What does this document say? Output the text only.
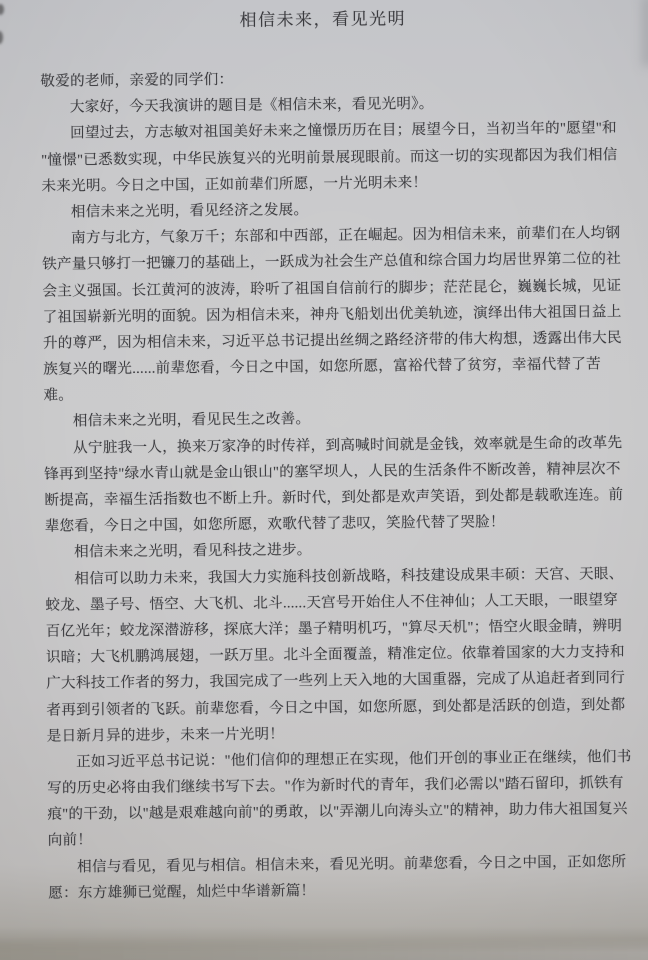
相信未来，看见光明
敬爱的老师，亲爱的同学们：
大家好，今天我演讲的题目是《相信未来，看见光明》。
回望过去，方志敏对祖国美好未来之憧憬历历在目；展望今日，当初当年的"愿望"和
"憧憬"已悉数实现，中华民族复兴的光明前景展现眼前。而这一切的实现都因为我们相信
未来光明。今日之中国，正如前辈们所愿，一片光明未来！
相信未来之光明，看见经济之发展。
南方与北方，气象万千；东部和中西部，正在崛起。因为相信未来，前辈们在人均钢
铁产量只够打一把镰刀的基础上，一跃成为社会生产总值和综合国力均居世界第二位的社
会主义强国。长江黄河的波涛，聆听了祖国自信前行的脚步；茫茫昆仑，巍巍长城，见证
了祖国崭新光明的面貌。因为相信未来，神舟飞船划出优美轨迹，演绎出伟大祖国日益上
升的尊严，因为相信未来，习近平总书记提出丝绸之路经济带的伟大构想，透露出伟大民
族复兴的曙光......前辈您看，今日之中国，如您所愿，富裕代替了贫穷，幸福代替了苦
难。
相信未来之光明，看见民生之改善。
从宁脏我一人，换来万家净的时传祥，到高喊时间就是金钱，效率就是生命的改革先
锋再到坚持"绿水青山就是金山银山"的塞罕坝人，人民的生活条件不断改善，精神层次不
断提高，幸福生活指数也不断上升。新时代，到处都是欢声笑语，到处都是载歌连连。前
辈您看，今日之中国，如您所愿，欢歌代替了悲叹，笑脸代替了哭脸！
相信未来之光明，看见科技之进步。
相信可以助力未来，我国大力实施科技创新战略，科技建设成果丰硕：天宫、天眼、
蛟龙、墨子号、悟空、大飞机、北斗......天宫号开始住人不住神仙；人工天眼，一眼望穿
百亿光年；蛟龙深潜游移，探底大洋；墨子精明机巧，"算尽天机"；悟空火眼金睛，辨明
识暗；大飞机鹏鸿展翅，一跃万里。北斗全面覆盖，精准定位。依靠着国家的大力支持和
广大科技工作者的努力，我国完成了一些列上天入地的大国重器，完成了从追赶者到同行
者再到引领者的飞跃。前辈您看，今日之中国，如您所愿，到处都是活跃的创造，到处都
是日新月异的进步，未来一片光明！
正如习近平总书记说："他们信仰的理想正在实现，他们开创的事业正在继续，他们书
写的历史必将由我们继续书写下去。"作为新时代的青年，我们必需以"踏石留印，抓铁有
痕"的干劲，以"越是艰难越向前"的勇敢，以"弄潮儿向涛头立"的精神，助力伟大祖国复兴
向前！
相信与看见，看见与相信。相信未来，看见光明。前辈您看，今日之中国，正如您所
愿：东方雄狮已觉醒，灿烂中华谱新篇！
